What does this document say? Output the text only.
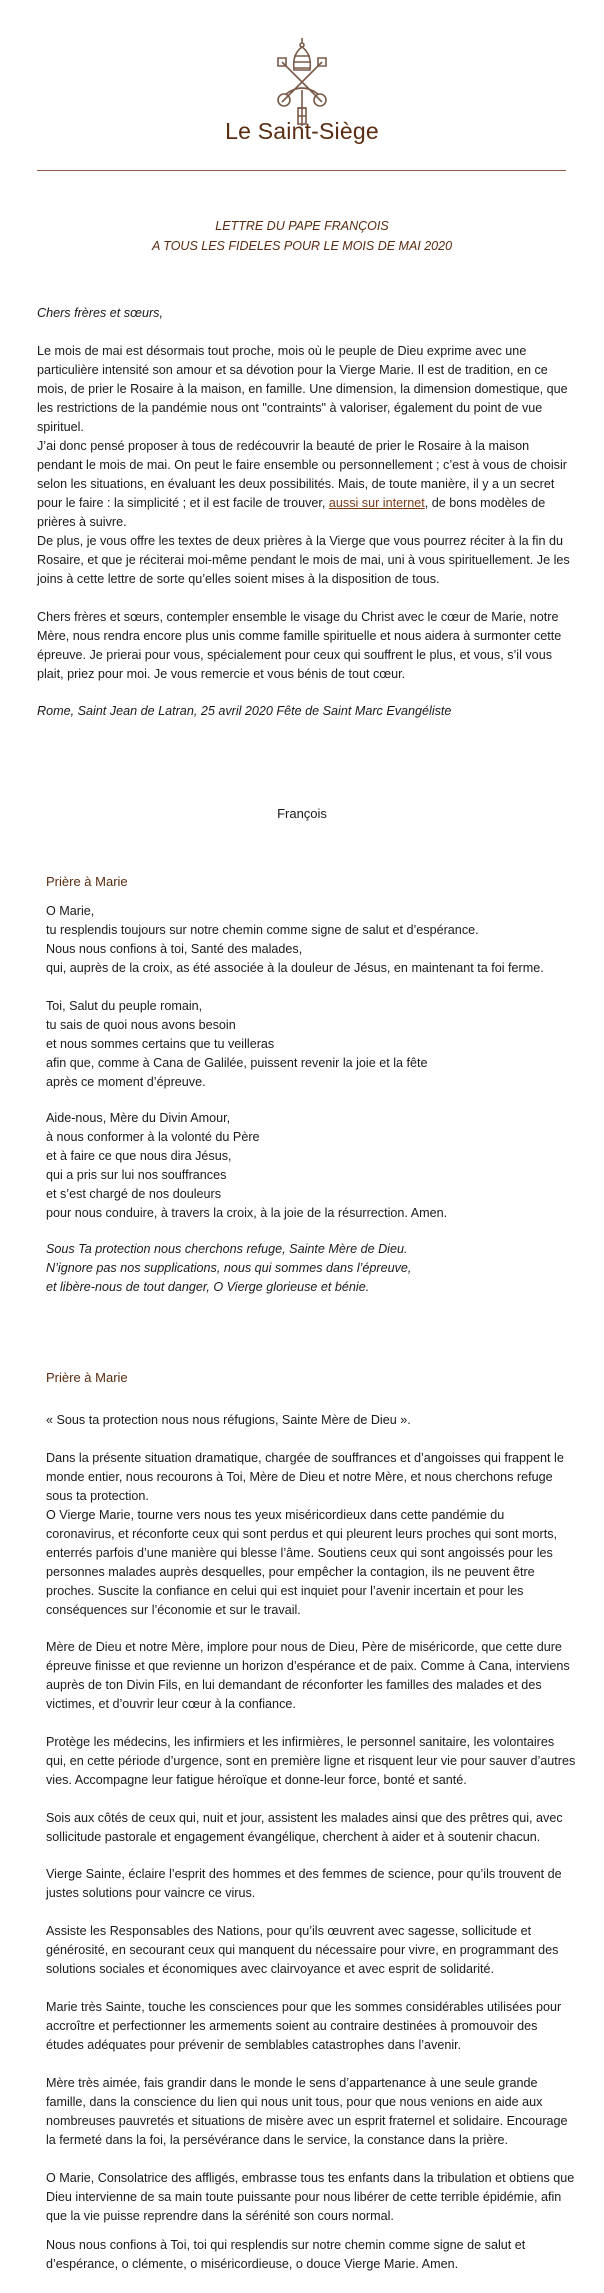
Le Saint-Siège
LETTRE DU PAPE FRANÇOIS
A TOUS LES FIDELES POUR LE MOIS DE MAI 2020
Chers frères et sœurs,

Le mois de mai est désormais tout proche, mois où le peuple de Dieu exprime avec une particulière intensité son amour et sa dévotion pour la Vierge Marie. Il est de tradition, en ce mois, de prier le Rosaire à la maison, en famille. Une dimension, la dimension domestique, que les restrictions de la pandémie nous ont "contraints" à valoriser, également du point de vue spirituel.

J’ai donc pensé proposer à tous de redécouvrir la beauté de prier le Rosaire à la maison pendant le mois de mai. On peut le faire ensemble ou personnellement ; c’est à vous de choisir selon les situations, en évaluant les deux possibilités. Mais, de toute manière, il y a un secret pour le faire : la simplicité ; et il est facile de trouver, aussi sur internet, de bons modèles de prières à suivre.

De plus, je vous offre les textes de deux prières à la Vierge que vous pourrez réciter à la fin du Rosaire, et que je réciterai moi-même pendant le mois de mai, uni à vous spirituellement. Je les joins à cette lettre de sorte qu’elles soient mises à la disposition de tous.

Chers frères et sœurs, contempler ensemble le visage du Christ avec le cœur de Marie, notre Mère, nous rendra encore plus unis comme famille spirituelle et nous aidera à surmonter cette épreuve. Je prierai pour vous, spécialement pour ceux qui souffrent le plus, et vous, s’il vous plait, priez pour moi. Je vous remercie et vous bénis de tout cœur.

Rome, Saint Jean de Latran, 25 avril 2020 Fête de Saint Marc Evangéliste
François
Prière à Marie

O Marie,

tu resplendis toujours sur notre chemin comme signe de salut et d’espérance.

Nous nous confions à toi, Santé des malades,

qui, auprès de la croix, as été associée à la douleur de Jésus, en maintenant ta foi ferme.

Toi, Salut du peuple romain,

tu sais de quoi nous avons besoin

et nous sommes certains que tu veilleras

afin que, comme à Cana de Galilée, puissent revenir la joie et la fête

après ce moment d’épreuve.

Aide-nous, Mère du Divin Amour,

à nous conformer à la volonté du Père

et à faire ce que nous dira Jésus,

qui a pris sur lui nos souffrances

et s’est chargé de nos douleurs

pour nous conduire, à travers la croix, à la joie de la résurrection. Amen.

Sous Ta protection nous cherchons refuge, Sainte Mère de Dieu.

N’ignore pas nos supplications, nous qui sommes dans l’épreuve,

et libère-nous de tout danger, O Vierge glorieuse et bénie.

Prière à Marie
« Sous ta protection nous nous réfugions, Sainte Mère de Dieu ».
Dans la présente situation dramatique, chargée de souffrances et d’angoisses qui frappent le monde entier, nous recourons à Toi, Mère de Dieu et notre Mère, et nous cherchons refuge sous ta protection.
O Vierge Marie, tourne vers nous tes yeux miséricordieux dans cette pandémie du coronavirus, et réconforte ceux qui sont perdus et qui pleurent leurs proches qui sont morts, enterrés parfois d’une manière qui blesse l’âme. Soutiens ceux qui sont angoissés pour les personnes malades auprès desquelles, pour empêcher la contagion, ils ne peuvent être proches. Suscite la confiance en celui qui est inquiet pour l’avenir incertain et pour les conséquences sur l’économie et sur le travail.
Mère de Dieu et notre Mère, implore pour nous de Dieu, Père de miséricorde, que cette dure épreuve finisse et que revienne un horizon d’espérance et de paix. Comme à Cana, interviens auprès de ton Divin Fils, en lui demandant de réconforter les familles des malades et des victimes, et d’ouvrir leur cœur à la confiance.
Protège les médecins, les infirmiers et les infirmières, le personnel sanitaire, les volontaires qui, en cette période d’urgence, sont en première ligne et risquent leur vie pour sauver d’autres vies. Accompagne leur fatigue héroïque et donne-leur force, bonté et santé.
Sois aux côtés de ceux qui, nuit et jour, assistent les malades ainsi que des prêtres qui, avec sollicitude pastorale et engagement évangélique, cherchent à aider et à soutenir chacun.
Vierge Sainte, éclaire l’esprit des hommes et des femmes de science, pour qu’ils trouvent de justes solutions pour vaincre ce virus.
Assiste les Responsables des Nations, pour qu’ils œuvrent avec sagesse, sollicitude et générosité, en secourant ceux qui manquent du nécessaire pour vivre, en programmant des solutions sociales et économiques avec clairvoyance et avec esprit de solidarité.
Marie très Sainte, touche les consciences pour que les sommes considérables utilisées pour accroître et perfectionner les armements soient au contraire destinées à promouvoir des études adéquates pour prévenir de semblables catastrophes dans l’avenir.
Mère très aimée, fais grandir dans le monde le sens d’appartenance à une seule grande famille, dans la conscience du lien qui nous unit tous, pour que nous venions en aide aux nombreuses pauvretés et situations de misère avec un esprit fraternel et solidaire. Encourage la fermeté dans la foi, la persévérance dans le service, la constance dans la prière.
O Marie, Consolatrice des affligés, embrasse tous tes enfants dans la tribulation et obtiens que Dieu intervienne de sa main toute puissante pour nous libérer de cette terrible épidémie, afin que la vie puisse reprendre dans la sérénité son cours normal.
Nous nous confions à Toi, toi qui resplendis sur notre chemin comme signe de salut et d’espérance, o clémente, o miséricordieuse, o douce Vierge Marie. Amen.
